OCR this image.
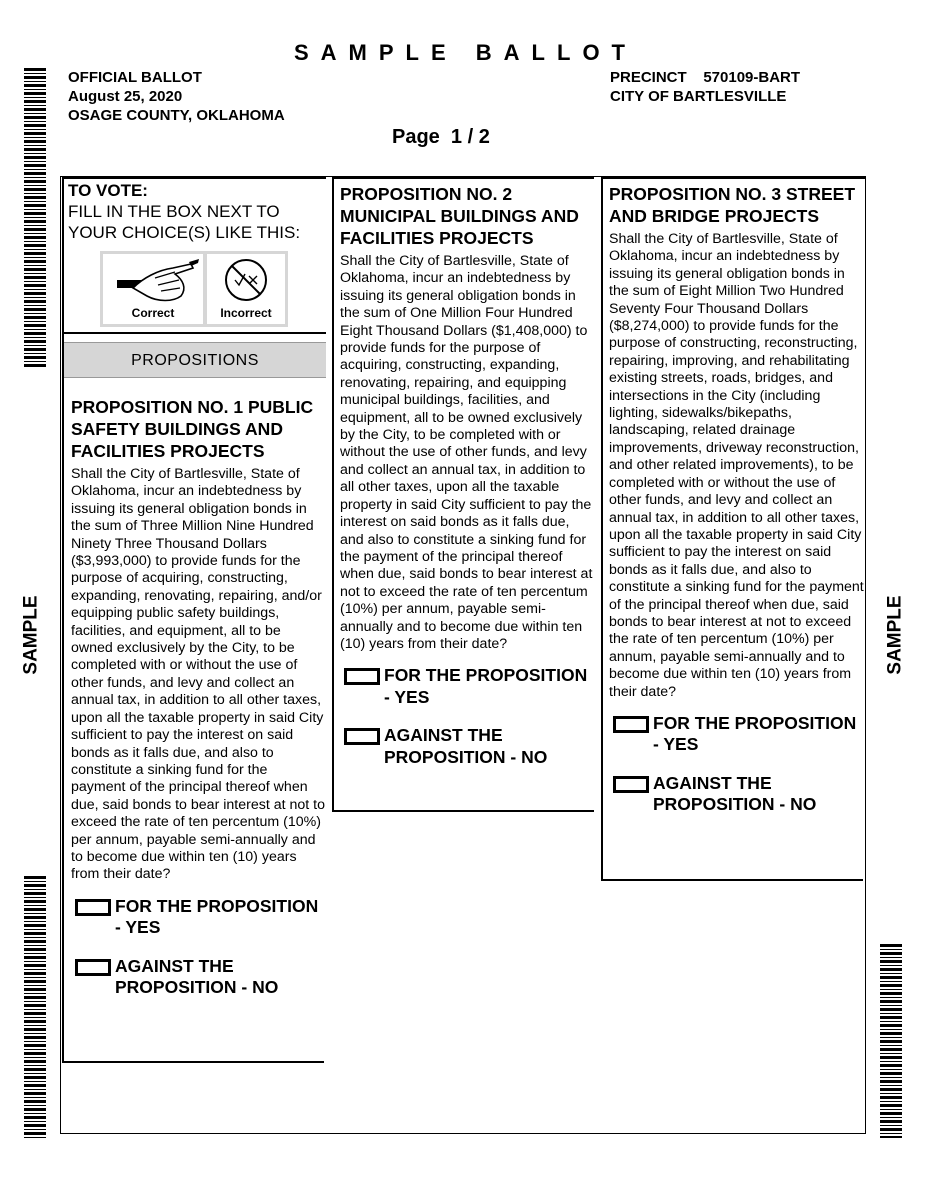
SAMPLE BALLOT
OFFICIAL BALLOT
August 25, 2020
OSAGE COUNTY, OKLAHOMA
PRECINCT    570109-BART
CITY OF BARTLESVILLE
Page  1 / 2
SAMPLE	SAMPLE
TO VOTE:
FILL IN THE BOX NEXT TO YOUR CHOICE(S) LIKE THIS:
Correct	Incorrect
PROPOSITIONS
PROPOSITION NO. 1 PUBLIC SAFETY BUILDINGS AND FACILITIES PROJECTS
Shall the City of Bartlesville, State of Oklahoma, incur an indebtedness by issuing its general obligation bonds in the sum of Three Million Nine Hundred Ninety Three Thousand Dollars ($3,993,000) to provide funds for the purpose of acquiring, constructing, expanding, renovating, repairing, and/or equipping public safety buildings, facilities, and equipment, all to be owned exclusively by the City, to be completed with or without the use of other funds, and levy and collect an annual tax, in addition to all other taxes, upon all the taxable property in said City sufficient to pay the interest on said bonds as it falls due, and also to constitute a sinking fund for the payment of the principal thereof when due, said bonds to bear interest at not to exceed the rate of ten percentum (10%) per annum, payable semi-annually and to become due within ten (10) years from their date?
FOR THE PROPOSITION - YES
AGAINST THE PROPOSITION - NO
PROPOSITION NO. 2 MUNICIPAL BUILDINGS AND FACILITIES PROJECTS
Shall the City of Bartlesville, State of Oklahoma, incur an indebtedness by issuing its general obligation bonds in the sum of One Million Four Hundred Eight Thousand Dollars ($1,408,000) to provide funds for the purpose of acquiring, constructing, expanding, renovating, repairing, and equipping municipal buildings, facilities, and equipment, all to be owned exclusively by the City, to be completed with or without the use of other funds, and levy and collect an annual tax, in addition to all other taxes, upon all the taxable property in said City sufficient to pay the interest on said bonds as it falls due, and also to constitute a sinking fund for the payment of the principal thereof when due, said bonds to bear interest at not to exceed the rate of ten percentum (10%) per annum, payable semi-annually and to become due within ten (10) years from their date?
FOR THE PROPOSITION - YES
AGAINST THE PROPOSITION - NO
PROPOSITION NO. 3 STREET AND BRIDGE PROJECTS
Shall the City of Bartlesville, State of Oklahoma, incur an indebtedness by issuing its general obligation bonds in the sum of Eight Million Two Hundred Seventy Four Thousand Dollars ($8,274,000) to provide funds for the purpose of constructing, reconstructing, repairing, improving, and rehabilitating existing streets, roads, bridges, and intersections in the City (including lighting, sidewalks/bikepaths, landscaping, related drainage improvements, driveway reconstruction, and other related improvements), to be completed with or without the use of other funds, and levy and collect an annual tax, in addition to all other taxes, upon all the taxable property in said City sufficient to pay the interest on said bonds as it falls due, and also to constitute a sinking fund for the payment of the principal thereof when due, said bonds to bear interest at not to exceed the rate of ten percentum (10%) per annum, payable semi-annually and to become due within ten (10) years from their date?
FOR THE PROPOSITION - YES
AGAINST THE PROPOSITION - NO
